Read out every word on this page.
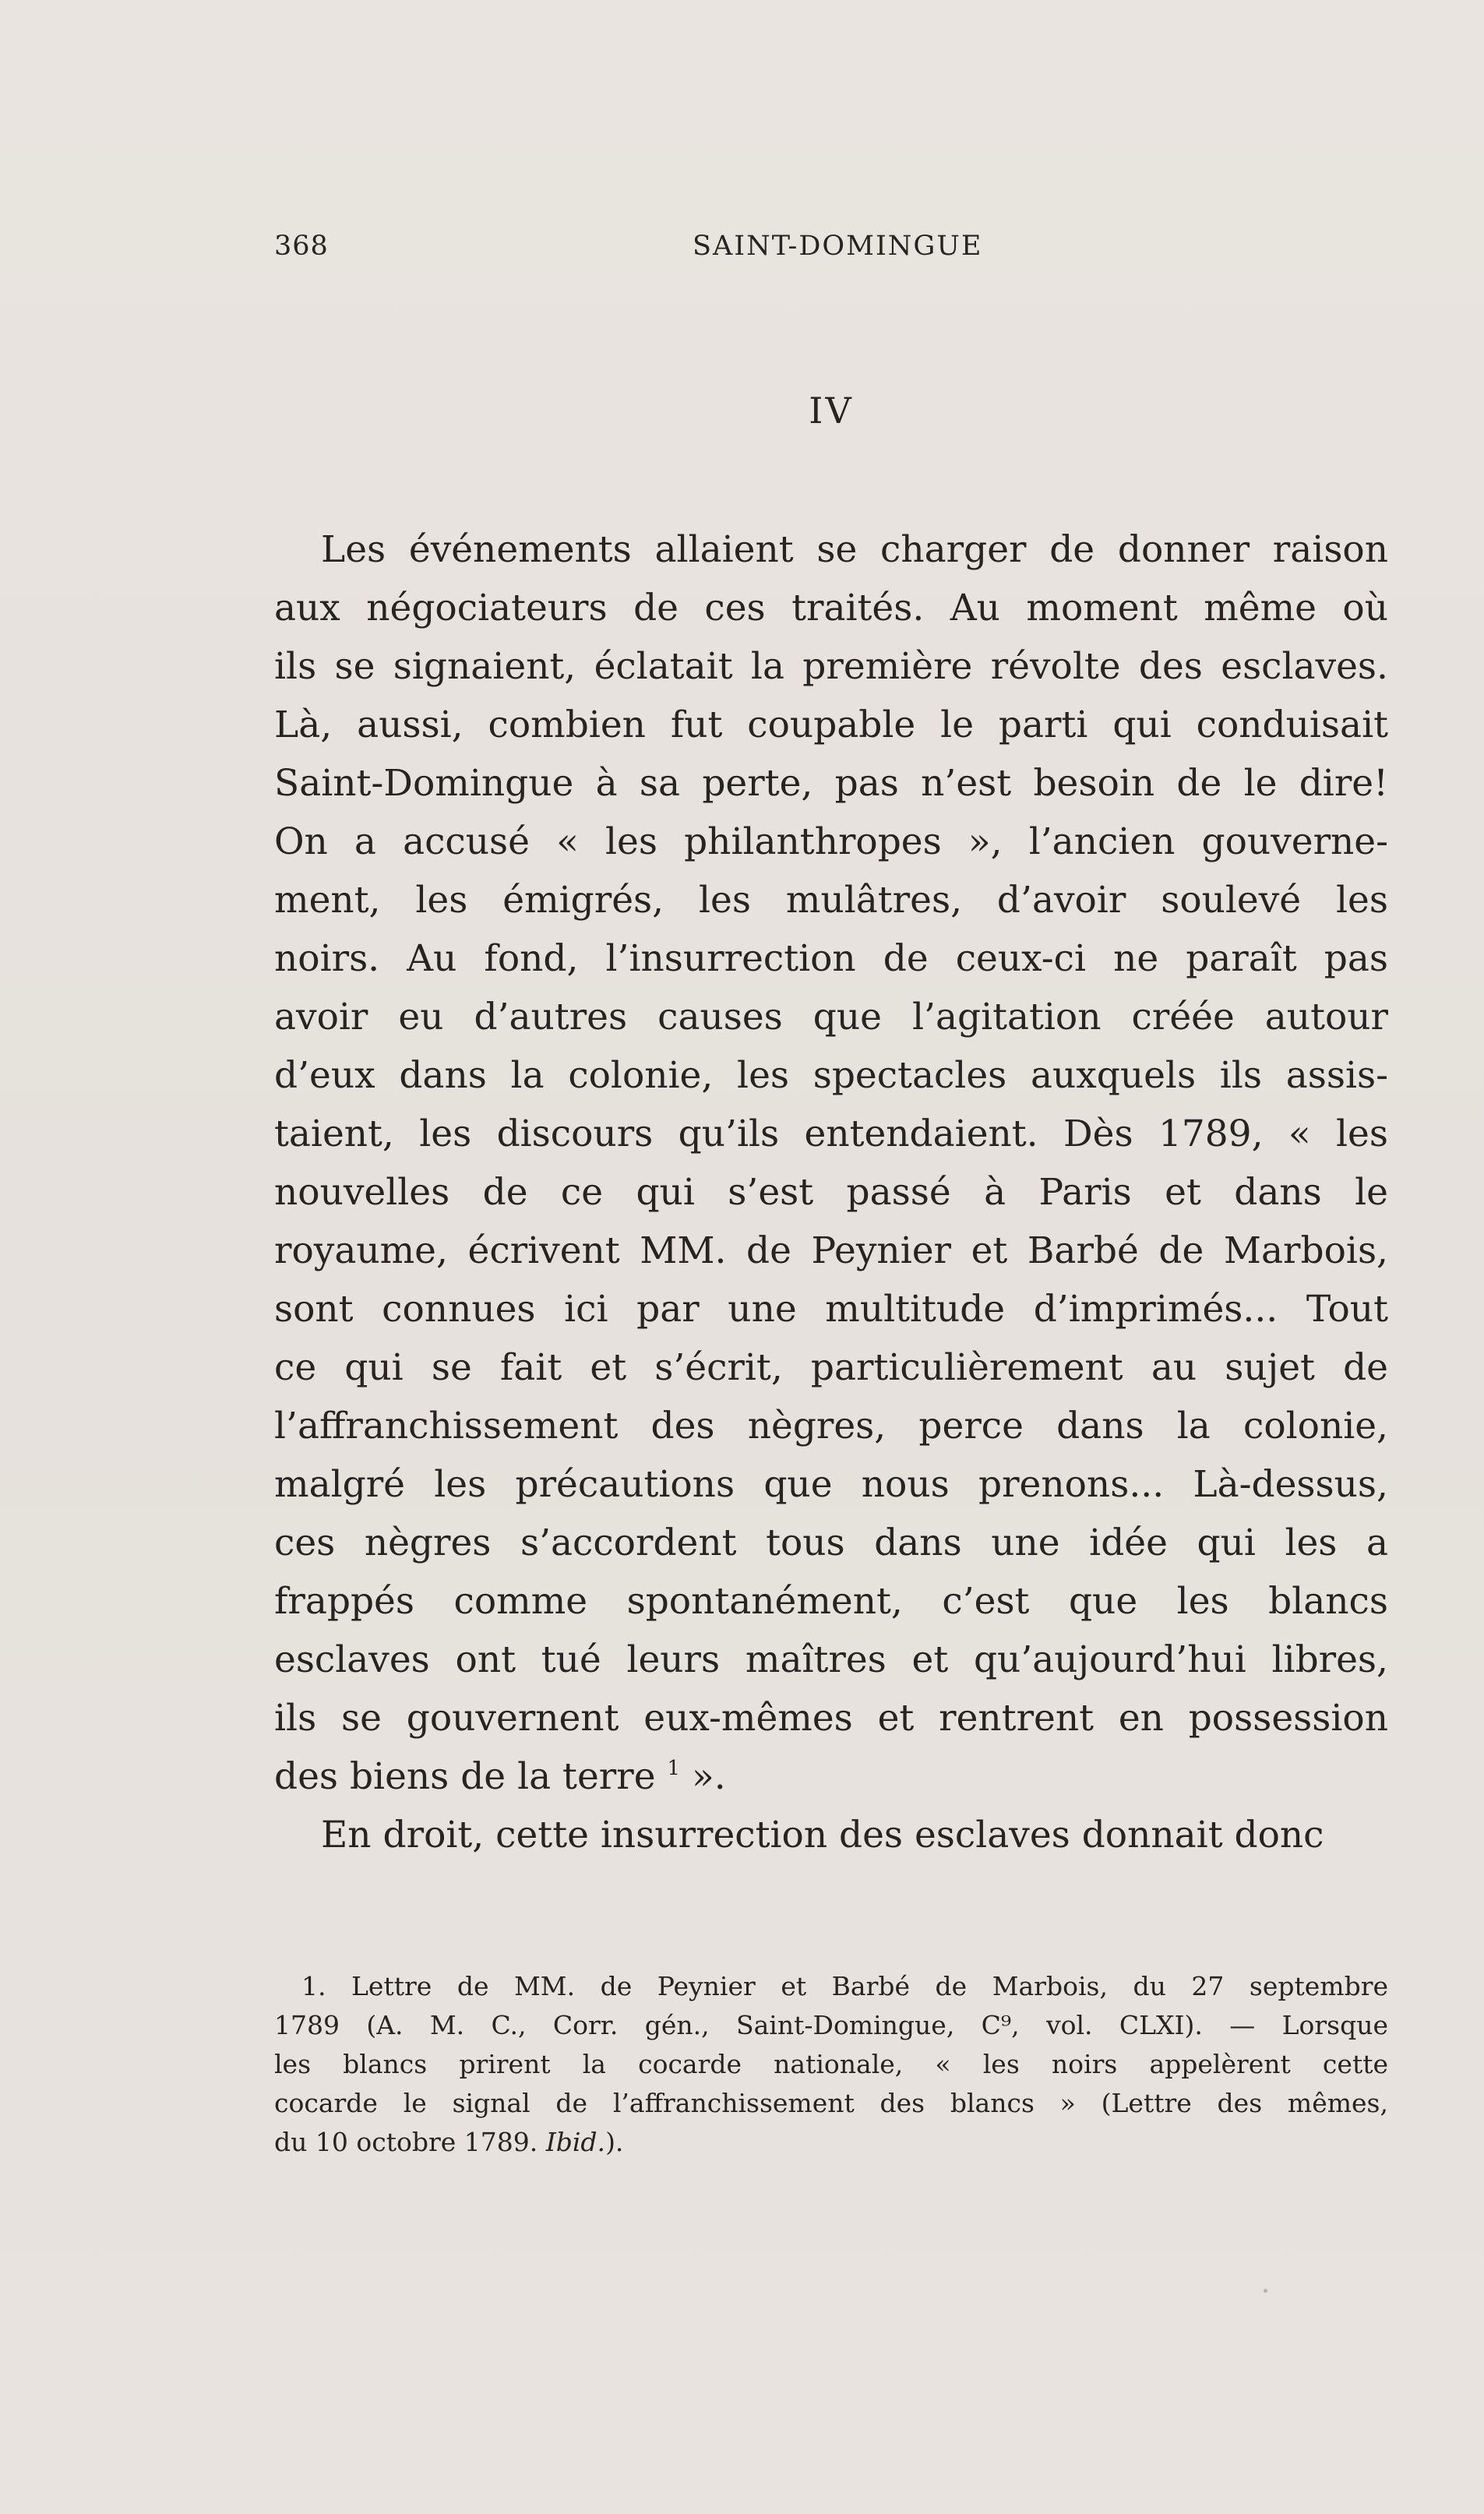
368	SAINT-DOMINGUE
IV
Les événements allaient se charger de donner raison
aux négociateurs de ces traités. Au moment même où
ils se signaient, éclatait la première révolte des esclaves.
Là, aussi, combien fut coupable le parti qui conduisait
Saint-Domingue à sa perte, pas n’est besoin de le dire!
On a accusé « les philanthropes », l’ancien gouverne-
ment, les émigrés, les mulâtres, d’avoir soulevé les
noirs. Au fond, l’insurrection de ceux-ci ne paraît pas
avoir eu d’autres causes que l’agitation créée autour
d’eux dans la colonie, les spectacles auxquels ils assis-
taient, les discours qu’ils entendaient. Dès 1789, « les
nouvelles de ce qui s’est passé à Paris et dans le
royaume, écrivent MM. de Peynier et Barbé de Marbois,
sont connues ici par une multitude d’imprimés... Tout
ce qui se fait et s’écrit, particulièrement au sujet de
l’affranchissement des nègres, perce dans la colonie,
malgré les précautions que nous prenons... Là-dessus,
ces nègres s’accordent tous dans une idée qui les a
frappés comme spontanément, c’est que les blancs
esclaves ont tué leurs maîtres et qu’aujourd’hui libres,
ils se gouvernent eux-mêmes et rentrent en possession
des biens de la terre $^1$ ».
En droit, cette insurrection des esclaves donnait donc
1. Lettre de MM. de Peynier et Barbé de Marbois, du 27 septembre
1789 (A. M. C., Corr. gén., Saint-Domingue, C⁹, vol. CLXI). — Lorsque
les blancs prirent la cocarde nationale, « les noirs appelèrent cette
cocarde le signal de l’affranchissement des blancs » (Lettre des mêmes,
du 10 octobre 1789. Ibid.).
